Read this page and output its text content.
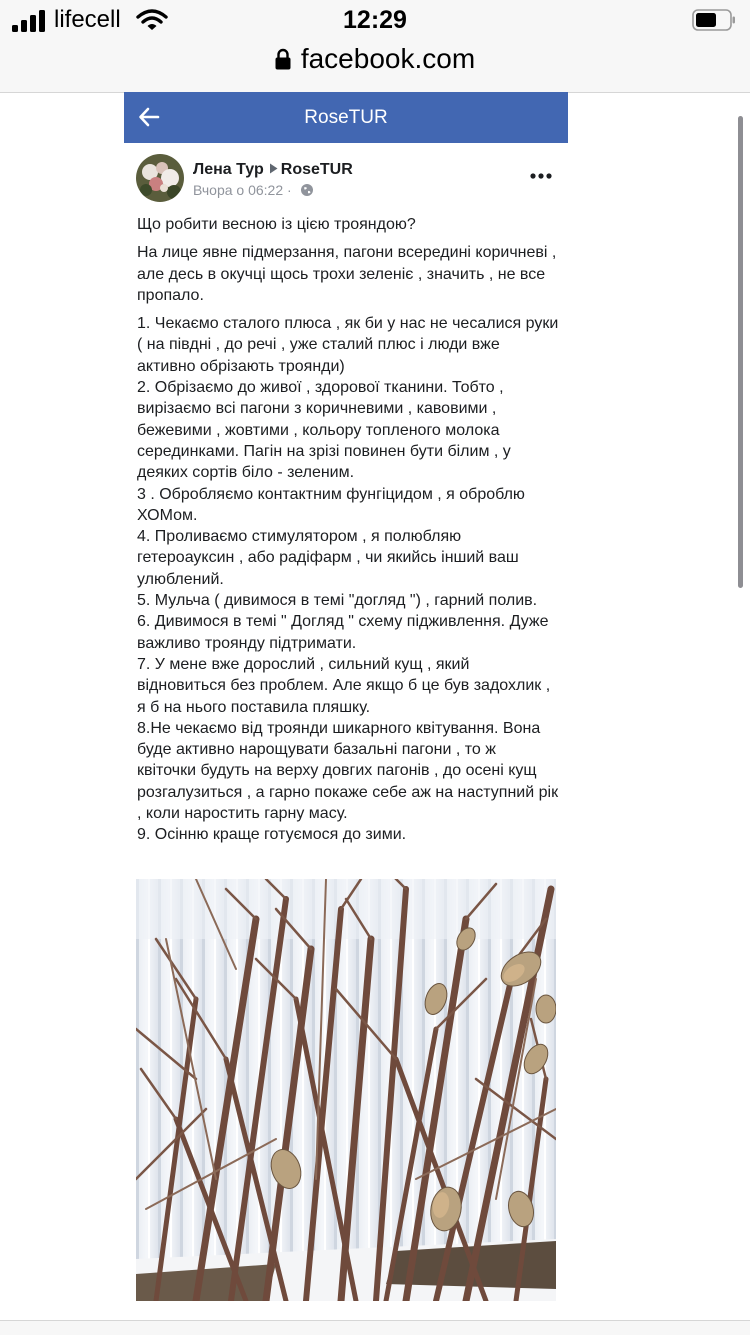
lifecell	12:29
facebook.com
RoseTUR
Лена Тур RoseTUR
Вчора о 06:22 ·

Що робити весною із цією трояндою?

На лице явне підмерзання, пагони всередині коричневі , але десь в окучці щось трохи зеленіє , значить , не все пропало.

1. Чекаємо сталого плюса , як би у нас не чесалися руки ( на півдні , до речі , уже сталий плюс і люди вже активно обрізають троянди)
2. Обрізаємо до живої , здорової тканини. Тобто , вирізаємо всі пагони з коричневими , кавовими , бежевими , жовтими , кольору топленого молока серединками. Пагін на зрізі повинен бути білим , у деяких сортів біло - зеленим.
3 . Обробляємо контактним фунгіцидом , я оброблю ХОМом.
4. Проливаємо стимулятором , я полюбляю гетероауксин , або радіфарм , чи якийсь інший ваш улюблений.
5. Мульча ( дивимося в темі "догляд ") , гарний полив.
6. Дивимося в темі " Догляд " схему підживлення. Дуже важливо троянду підтримати.
7. У мене вже дорослий , сильний кущ , який відновиться без проблем. Але якщо б це був задохлик , я б на нього поставила пляшку.
8.Не чекаємо від троянди шикарного квітування. Вона буде активно нарощувати базальні пагони , то ж квіточки будуть на верху довгих пагонів , до осені кущ розгалузиться , а гарно покаже себе аж на наступний рік , коли наростить гарну масу.
9. Осінню краще готуємося до зими.
